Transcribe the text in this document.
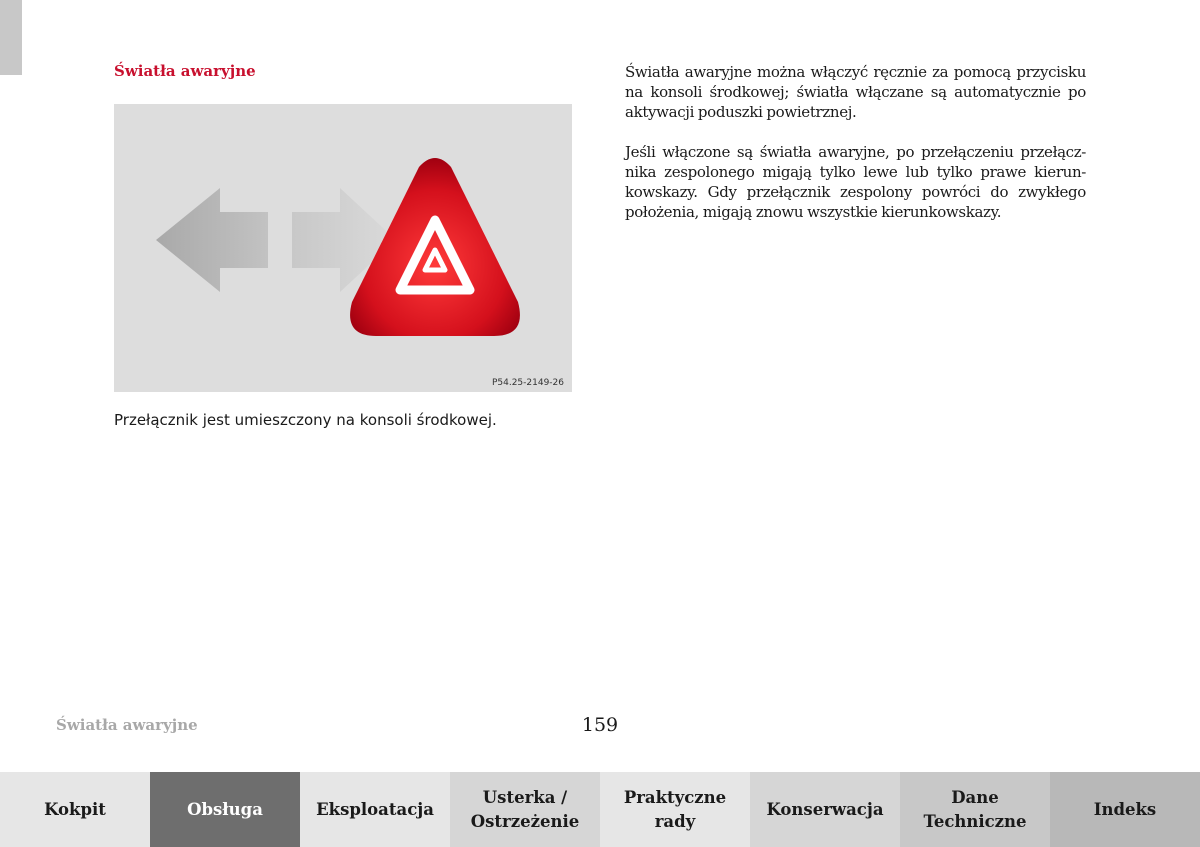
Światła awaryjne
P54.25-2149-26

Przełącznik jest umieszczony na konsoli środkowej.

Światła awaryjne można włączyć ręcznie za pomocą przycisku na konsoli środkowej; światła włączane są automatycznie po aktywacji poduszki powietrznej.

Jeśli włączone są światła awaryjne, po przełączeniu przełącz-nika zespolonego migają tylko lewe lub tylko prawe kierun-kowskazy. Gdy przełącznik zespolony powróci do zwykłego położenia, migają znowu wszystkie kierunkowskazy.

Światła awaryjne	159
Kokpit	Obsługa	Eksploatacja
Usterka /
Ostrzeżenie
Praktyczne
rady
Konserwacja
Dane
Techniczne
Indeks
